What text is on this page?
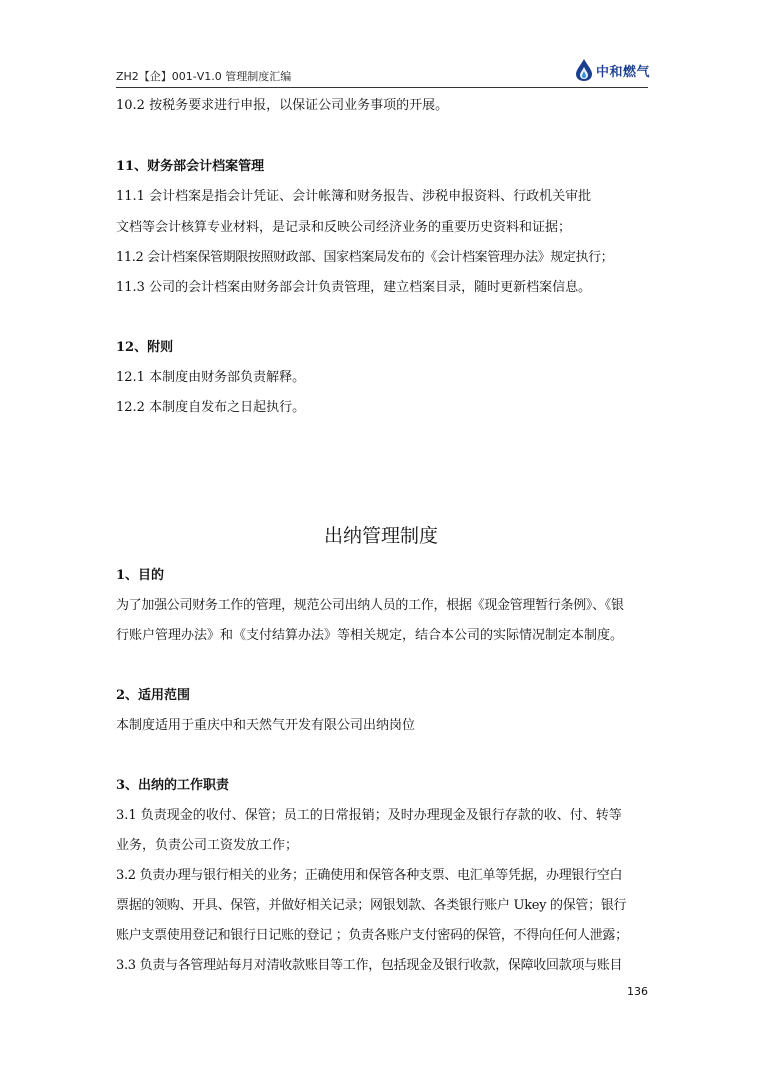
ZH2【企】001-V1.0 管理制度汇编	中和燃气
10.2 按税务要求进行申报，以保证公司业务事项的开展。
11、财务部会计档案管理
11.1 会计档案是指会计凭证、会计帐簿和财务报告、涉税申报资料、行政机关审批
文档等会计核算专业材料，是记录和反映公司经济业务的重要历史资料和证据；
11.2 会计档案保管期限按照财政部、国家档案局发布的《会计档案管理办法》规定执行；
11.3 公司的会计档案由财务部会计负责管理，建立档案目录，随时更新档案信息。
12、附则
12.1 本制度由财务部负责解释。
12.2 本制度自发布之日起执行。
出纳管理制度
1、目的
为了加强公司财务工作的管理，规范公司出纳人员的工作，根据《现金管理暂行条例》、《银
行账户管理办法》和《支付结算办法》等相关规定，结合本公司的实际情况制定本制度。
2、适用范围
本制度适用于重庆中和天然气开发有限公司出纳岗位
3、出纳的工作职责
3.1 负责现金的收付、保管；员工的日常报销；及时办理现金及银行存款的收、付、转等
业务，负责公司工资发放工作；
3.2 负责办理与银行相关的业务；正确使用和保管各种支票、电汇单等凭据，办理银行空白
票据的领购、开具、保管，并做好相关记录；网银划款、各类银行账户 Ukey 的保管；银行
账户支票使用登记和银行日记账的登记 ；负责各账户支付密码的保管，不得向任何人泄露；
3.3 负责与各管理站每月对清收款账目等工作，包括现金及银行收款，保障收回款项与账目
136
